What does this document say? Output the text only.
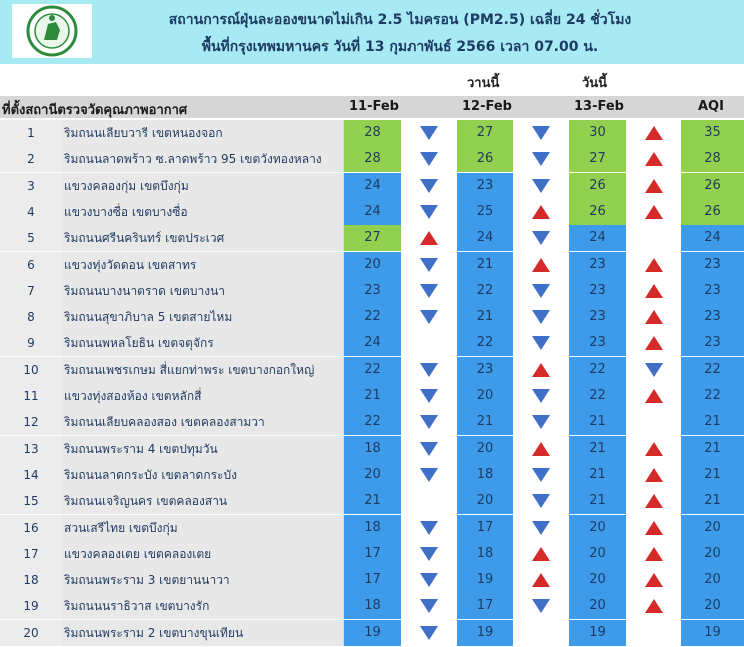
สถานการณ์ฝุ่นละอองขนาดไม่เกิน 2.5 ไมครอน (PM2.5) เฉลี่ย 24 ชั่วโมง
พื้นที่กรุงเทพมหานคร วันที่ 13 กุมภาพันธ์ 2566 เวลา 07.00 น.
วานนี้	วันนี้
ที่ตั้งสถานีตรวจวัดคุณภาพอากาศ	11-Feb	12-Feb	13-Feb	AQI
1	ริมถนนเลียบวารี เขตหนองจอก	28	27	30	35
2	ริมถนนลาดพร้าว ซ.ลาดพร้าว 95 เขตวังทองหลาง	28	26	27	28
3	แขวงคลองกุ่ม เขตบึงกุ่ม	24	23	26	26
4	แขวงบางซื่อ เขตบางซื่อ	24	25	26	26
5	ริมถนนศรีนครินทร์ เขตประเวศ	27	24	24	24
6	แขวงทุ่งวัดดอน เขตสาทร	20	21	23	23
7	ริมถนนบางนาตราด เขตบางนา	23	22	23	23
8	ริมถนนสุขาภิบาล 5 เขตสายไหม	22	21	23	23
9	ริมถนนพหลโยธิน เขตจตุจักร	24	22	23	23
10	ริมถนนเพชรเกษม สี่แยกท่าพระ เขตบางกอกใหญ่	22	23	22	22
11	แขวงทุ่งสองห้อง เขตหลักสี่	21	20	22	22
12	ริมถนนเลียบคลองสอง เขตคลองสามวา	22	21	21	21
13	ริมถนนพระราม 4 เขตปทุมวัน	18	20	21	21
14	ริมถนนลาดกระบัง เขตลาดกระบัง	20	18	21	21
15	ริมถนนเจริญนคร เขตคลองสาน	21	20	21	21
16	สวนเสรีไทย เขตบึงกุ่ม	18	17	20	20
17	แขวงคลองเตย เขตคลองเตย	17	18	20	20
18	ริมถนนพระราม 3 เขตยานนาวา	17	19	20	20
19	ริมถนนนราธิวาส เขตบางรัก	18	17	20	20
20	ริมถนนพระราม 2 เขตบางขุนเทียน	19	19	19	19
